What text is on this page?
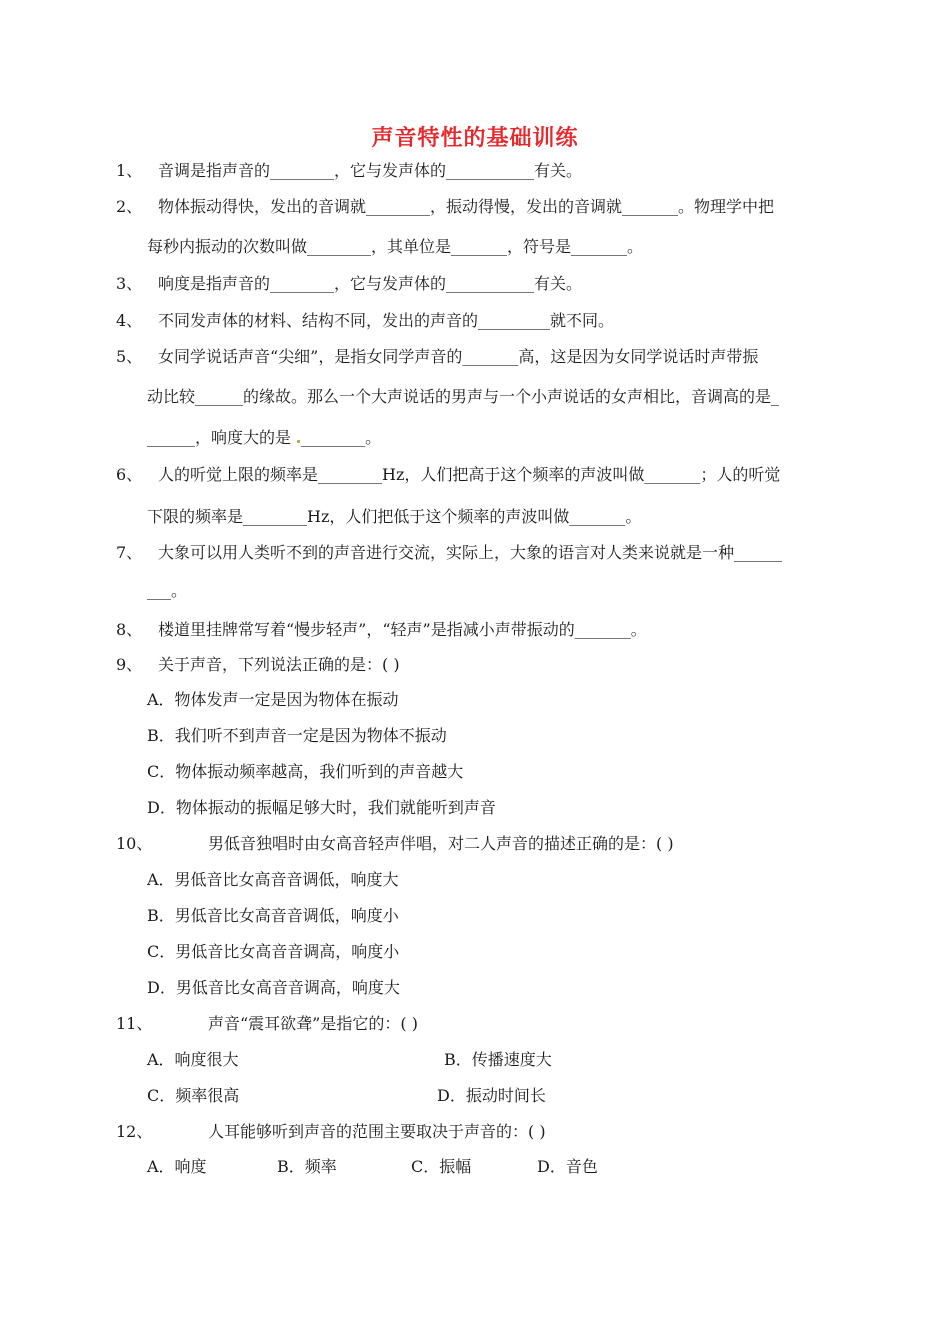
声音特性的基础训练
1、 音调是指声音的________，它与发声体的___________有关。
2、 物体振动得快，发出的音调就________，振动得慢，发出的音调就_______。物理学中把
每秒内振动的次数叫做________，其单位是_______，符号是_______。
3、 响度是指声音的________，它与发声体的___________有关。
4、 不同发声体的材料、结构不同，发出的声音的_________就不同。
5、 女同学说话声音“尖细”，是指女同学声音的_______高，这是因为女同学说话时声带振
动比较______的缘故。那么一个大声说话的男声与一个小声说话的女声相比，音调高的是_
______，响度大的是 ________。
6、 人的听觉上限的频率是________Hz，人们把高于这个频率的声波叫做_______；人的听觉
下限的频率是________Hz，人们把低于这个频率的声波叫做_______。
7、 大象可以用人类听不到的声音进行交流，实际上，大象的语言对人类来说就是一种______
___。
8、 楼道里挂牌常写着“慢步轻声”，“轻声”是指减小声带振动的_______。
9、 关于声音，下列说法正确的是：( )
A．物体发声一定是因为物体在振动
B．我们听不到声音一定是因为物体不振动
C．物体振动频率越高，我们听到的声音越大
D．物体振动的振幅足够大时，我们就能听到声音
10、	男低音独唱时由女高音轻声伴唱，对二人声音的描述正确的是：( )
A．男低音比女高音音调低，响度大
B．男低音比女高音音调低，响度小
C．男低音比女高音音调高，响度小
D．男低音比女高音音调高，响度大
11、	声音“震耳欲聋”是指它的：( )
A．响度很大	B．传播速度大
C．频率很高	D．振动时间长
12、	人耳能够听到声音的范围主要取决于声音的：( )
A．响度	B．频率	C．振幅	D．音色
